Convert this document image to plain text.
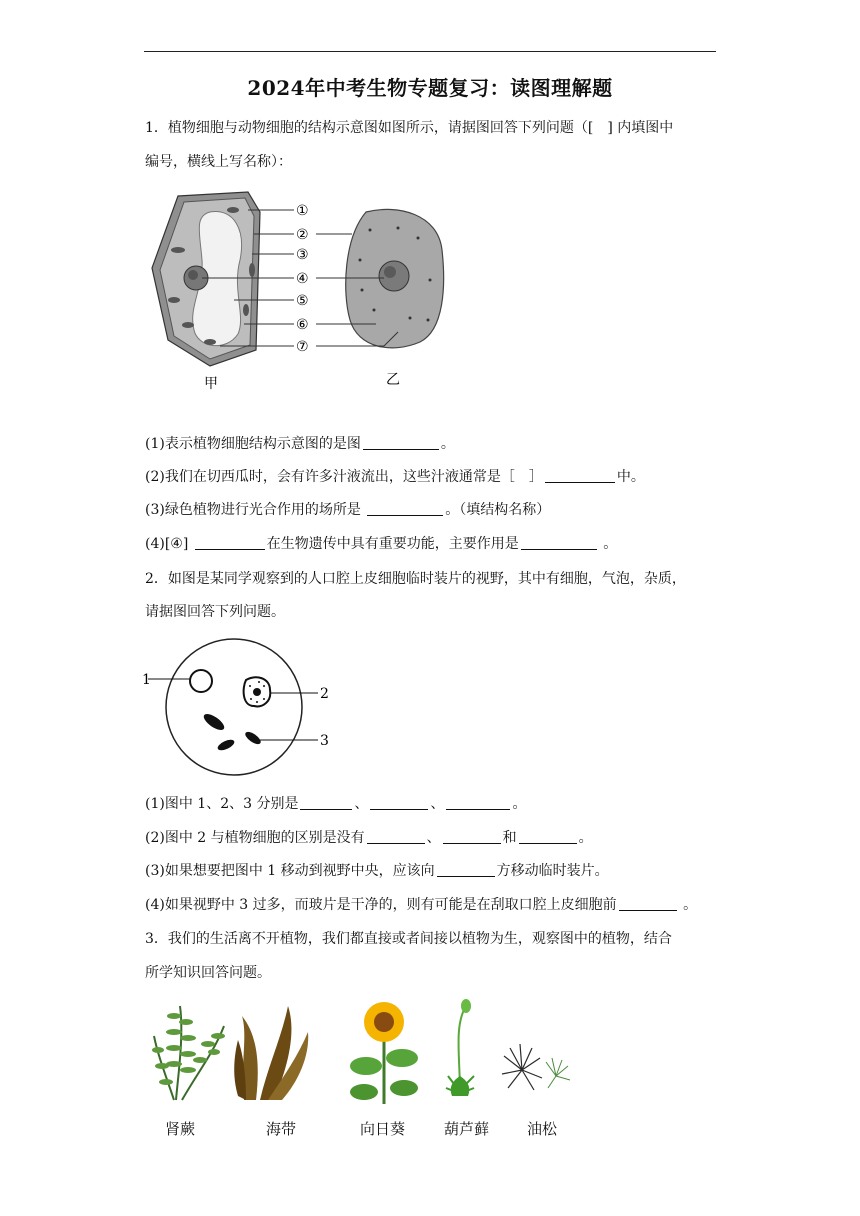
2024年中考生物专题复习：读图理解题
1．植物细胞与动物细胞的结构示意图如图所示，请据图回答下列问题（[　] 内填图中
编号，横线上写名称）：
①
②
③
④
⑤
⑥
⑦
甲	乙
(1)表示植物细胞结构示意图的是图	。
(2)我们在切西瓜时，会有许多汁液流出，这些汁液通常是［　］	中。
(3)绿色植物进行光合作用的场所是	。（填结构名称）
(4)[④]	在生物遗传中具有重要功能，主要作用是	。
2．如图是某同学观察到的人口腔上皮细胞临时装片的视野，其中有细胞，气泡，杂质，
请据图回答下列问题。
1
2
3
(1)图中 1、2、3 分别是	、	、	。
(2)图中 2 与植物细胞的区别是没有	、	和	。
(3)如果想要把图中 1 移动到视野中央，应该向	方移动临时装片。
(4)如果视野中 3 过多，而玻片是干净的，则有可能是在刮取口腔上皮细胞前	。
3．我们的生活离不开植物，我们都直接或者间接以植物为生，观察图中的植物，结合
所学知识回答问题。
肾蕨	海带	向日葵	葫芦藓	油松
